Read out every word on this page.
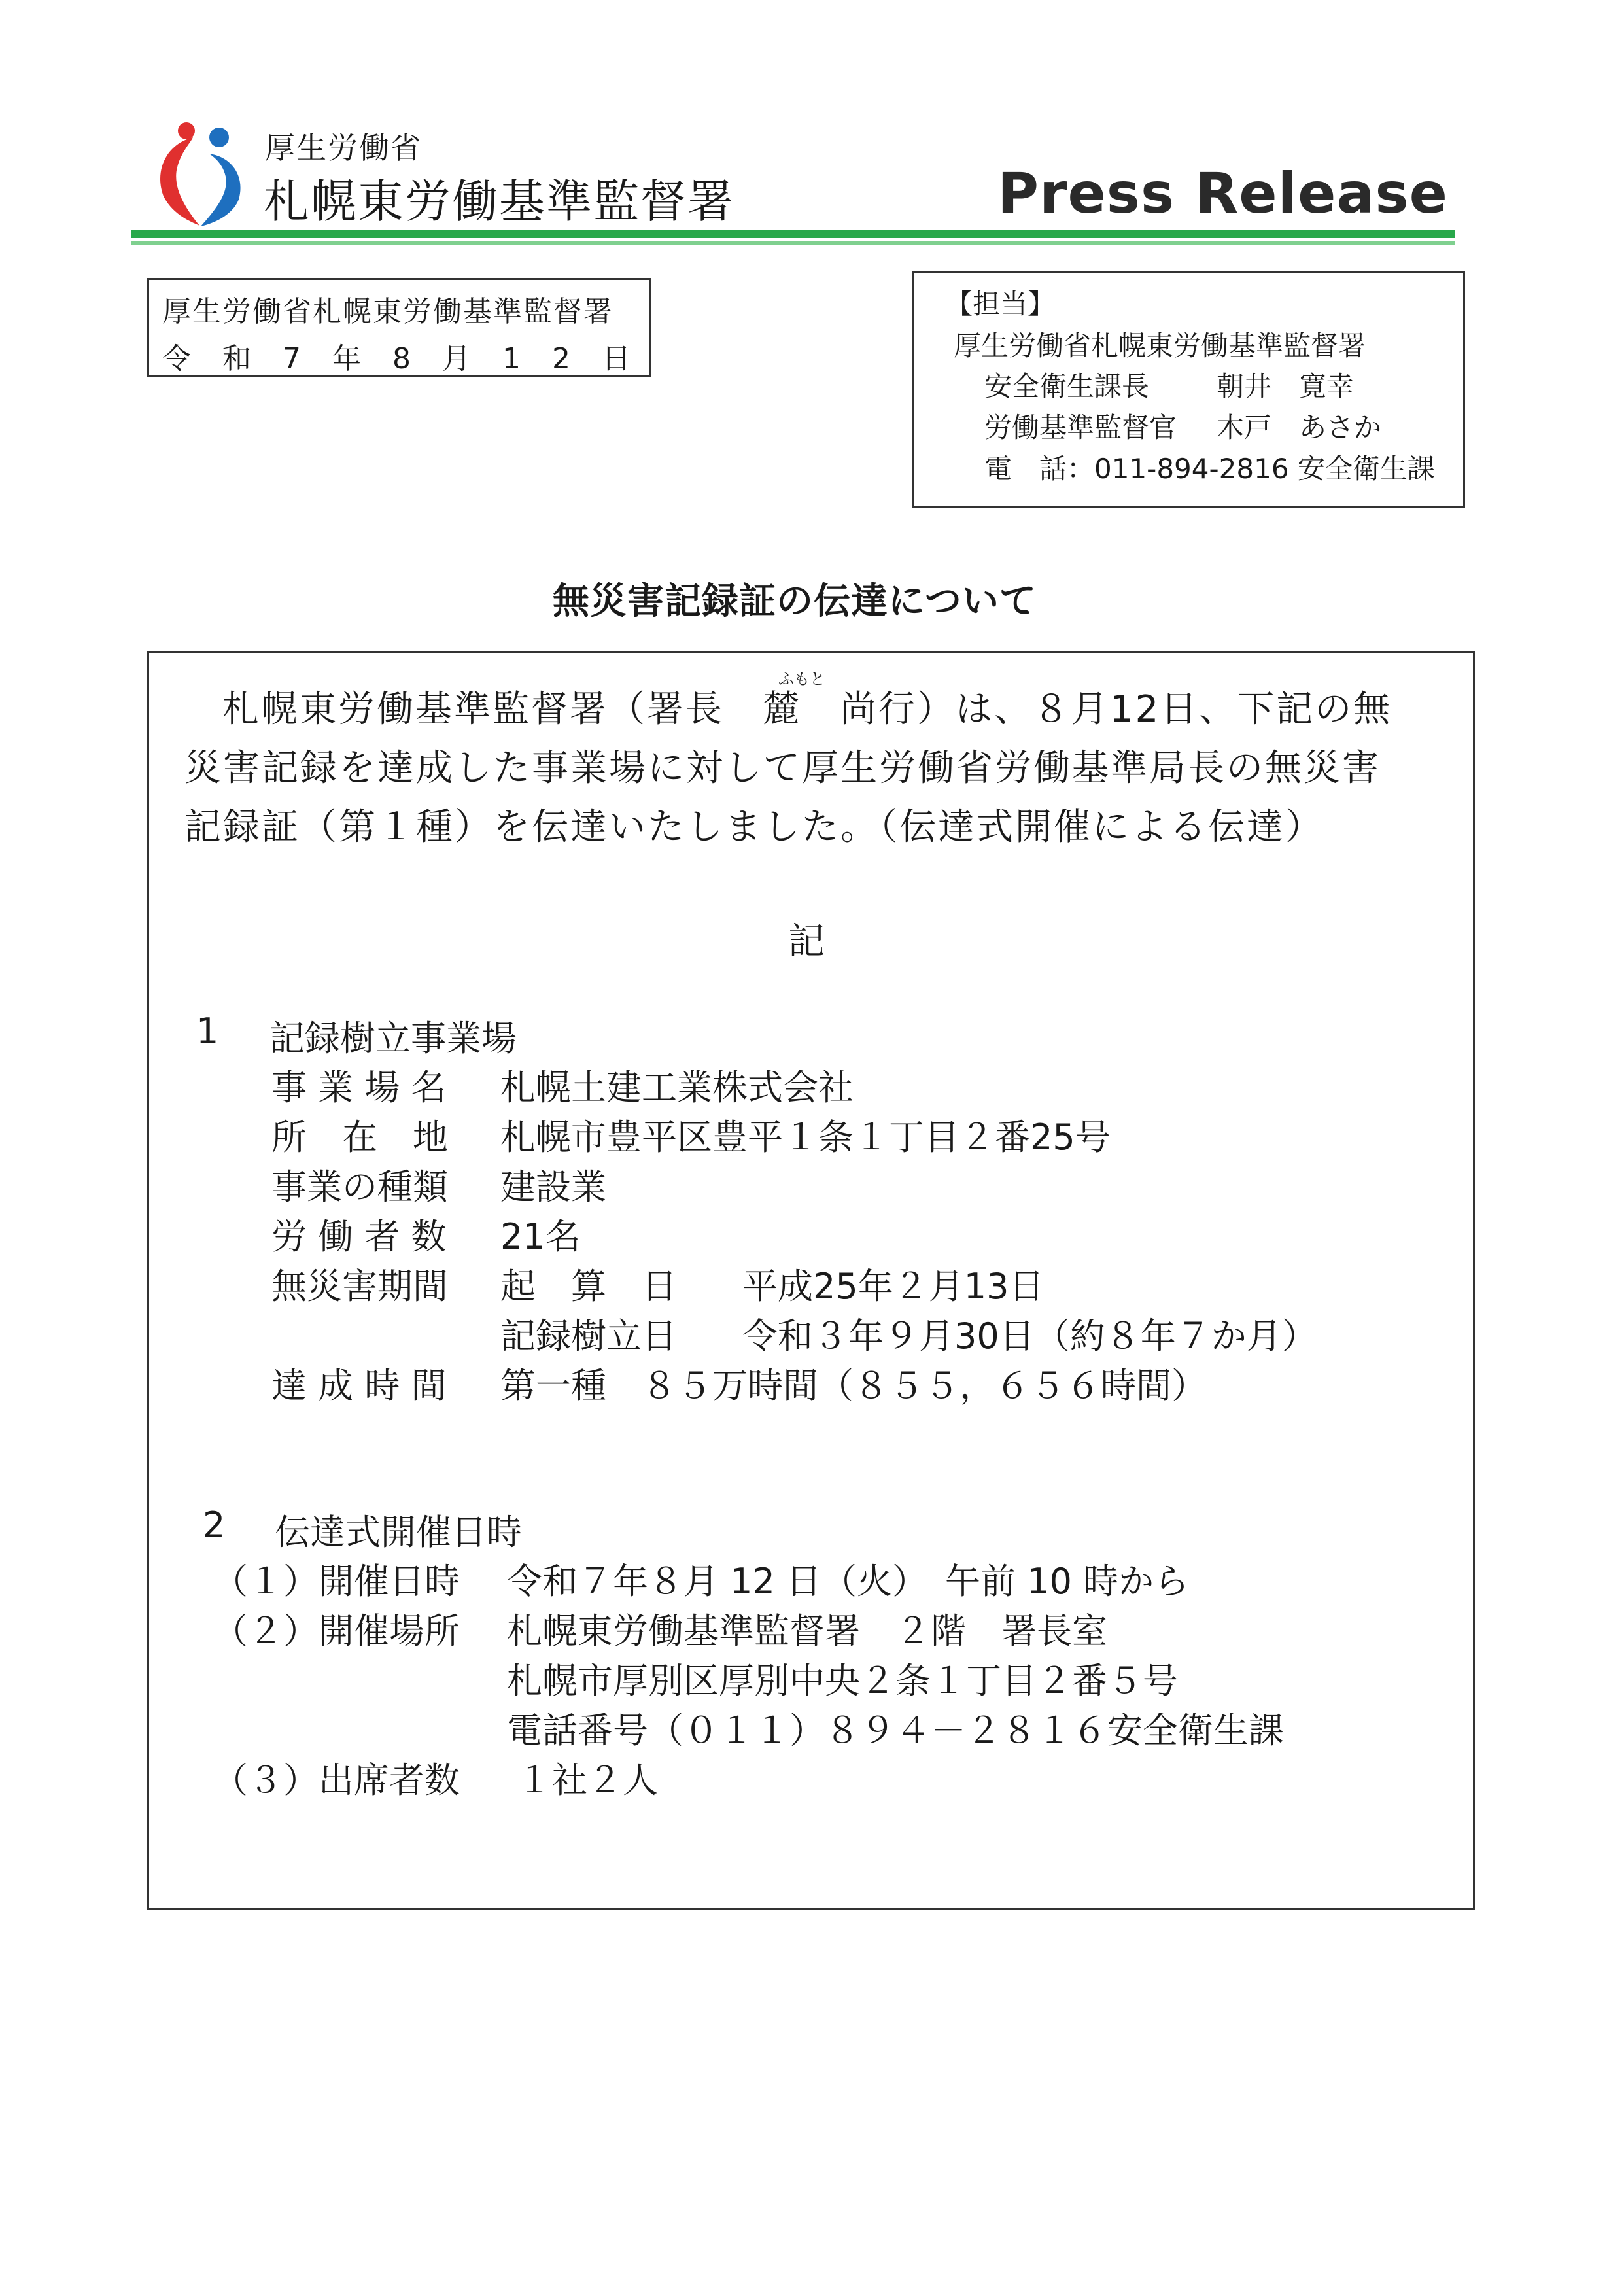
厚生労働省
札幌東労働基準監督署	Press Release
厚生労働省札幌東労働基準監督署
令和7年8月12日
【担当】
厚生労働省札幌東労働基準監督署
安全衛生課長 朝井　寛幸
労働基準監督官 木戸　あさか
電　話：011-894-2816 安全衛生課
無災害記録証の伝達について
ふもと
札幌東労働基準監督署（署長　麓　尚行）は、８月12日、下記の無
災害記録を達成した事業場に対して厚生労働省労働基準局長の無災害
記録証（第１種）を伝達いたしました。（伝達式開催による伝達）
記
1 記録樹立事業場
事 業 場 名 札幌土建工業株式会社
所　在　地 札幌市豊平区豊平１条１丁目２番25号
事業の種類 建設業
労 働 者 数 21名
無災害期間 起　算　日 平成25年２月13日
記録樹立日 令和３年９月30日（約８年７か月）
達 成 時 間 第一種　８５万時間（８５５，６５６時間）
2 伝達式開催日時
（１）開催日時 令和７年８月 12 日（火）　午前 10 時から
（２）開催場所 札幌東労働基準監督署　２階　署長室
札幌市厚別区厚別中央２条１丁目２番５号
電話番号（０１１）８９４－２８１６安全衛生課
（３）出席者数 １社２人
